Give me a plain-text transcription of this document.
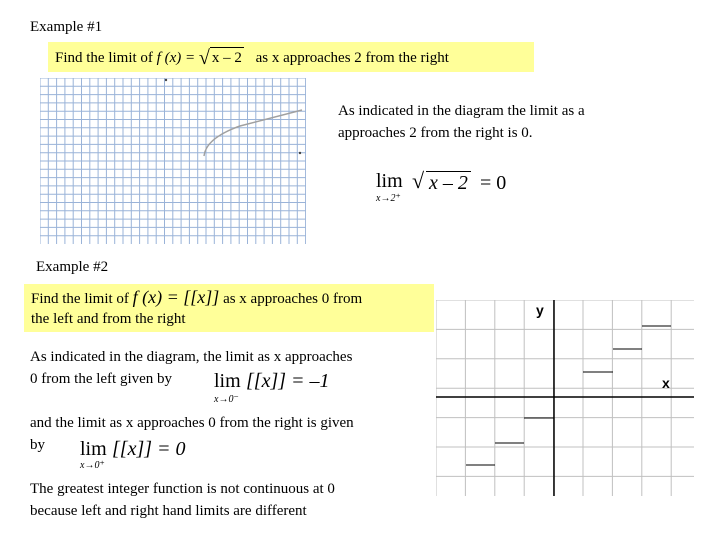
Example #1
Find the limit of f (x) = √ x – 2 as x approaches 2 from the right
As indicated in the diagram the limit as a
approaches 2 from the right is 0.
lim
x→2⁺
√ x – 2 = 0
Example #2
Find the limit of f (x) = [[x]] as x approaches 0 from
the left and from the right
As indicated in the diagram, the limit as x approaches
0 from the left given by lim
x→0⁻
[[x]] = –1
and the limit as x approaches 0 from the right is given
by lim
x→0⁺
[[x]] = 0
The greatest integer function is not continuous at 0
because left and right hand limits are different
y
x
